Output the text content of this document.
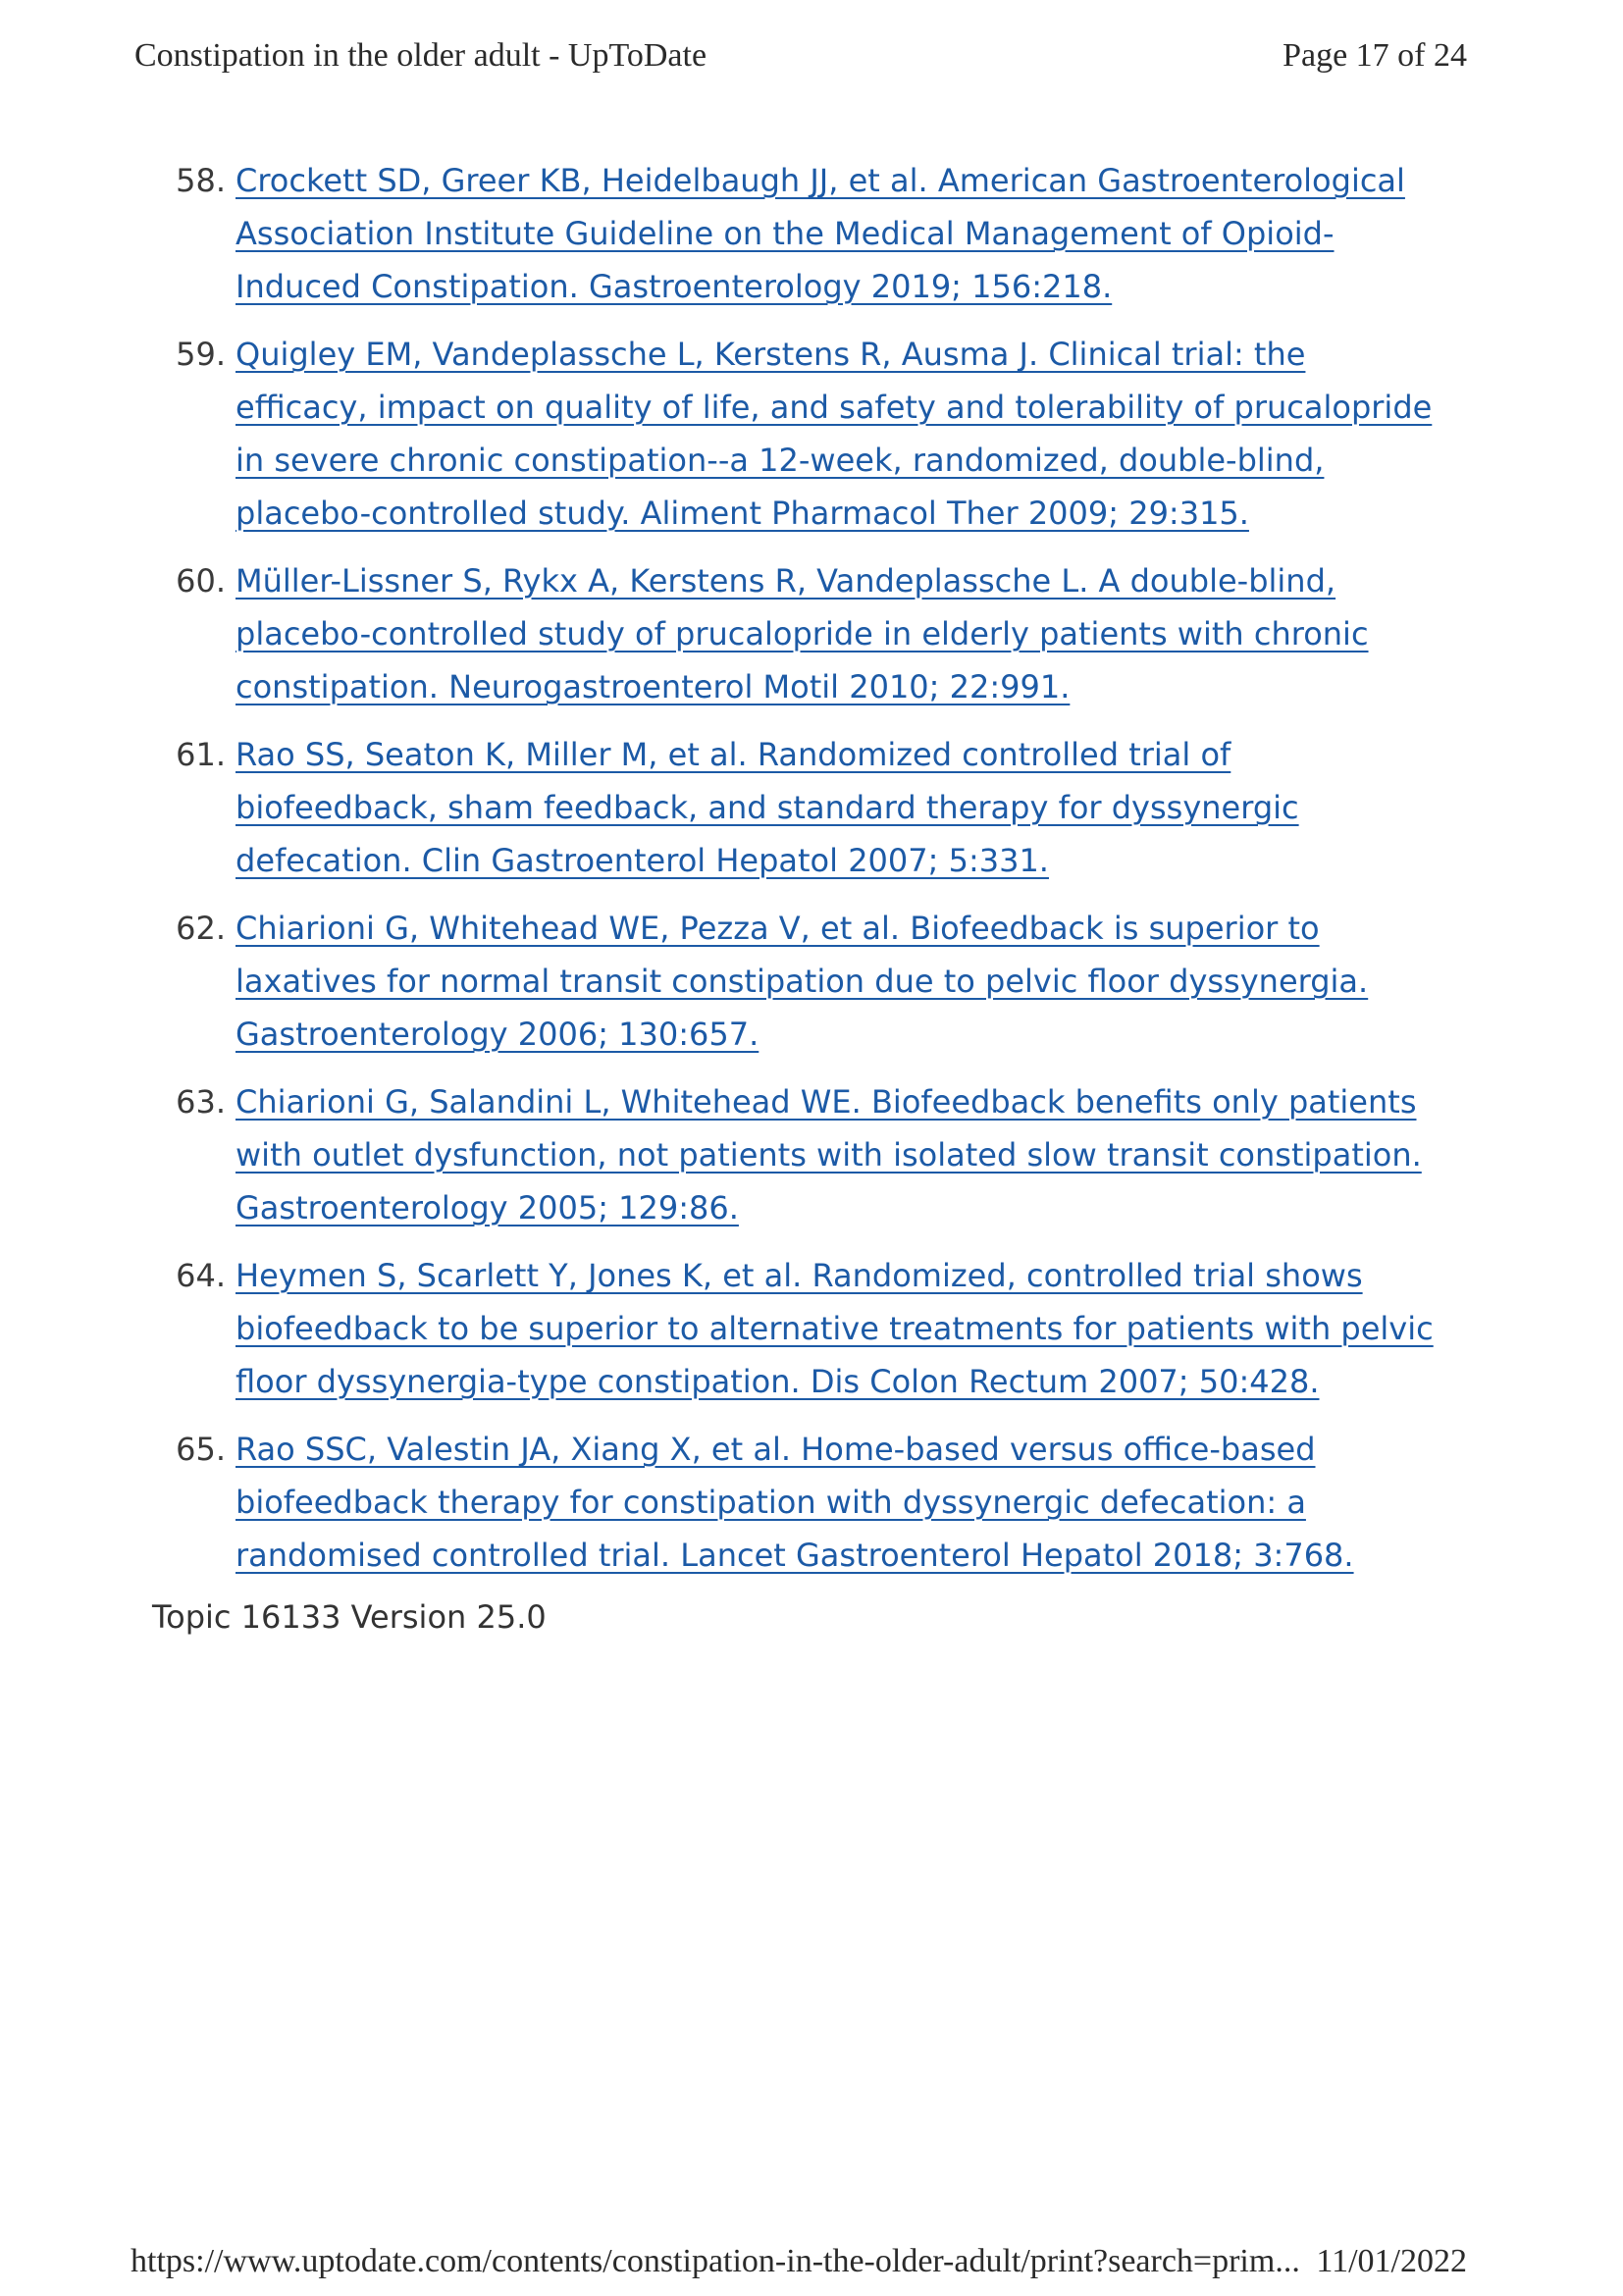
Constipation in the older adult - UpToDate	Page 17 of 24
58. Crockett SD, Greer KB, Heidelbaugh JJ, et al. American Gastroenterological Association Institute Guideline on the Medical Management of Opioid-Induced Constipation. Gastroenterology 2019; 156:218.
59. Quigley EM, Vandeplassche L, Kerstens R, Ausma J. Clinical trial: the efficacy, impact on quality of life, and safety and tolerability of prucalopride in severe chronic constipation--a 12-week, randomized, double-blind, placebo-controlled study. Aliment Pharmacol Ther 2009; 29:315.
60. Müller-Lissner S, Rykx A, Kerstens R, Vandeplassche L. A double-blind, placebo-controlled study of prucalopride in elderly patients with chronic constipation. Neurogastroenterol Motil 2010; 22:991.
61. Rao SS, Seaton K, Miller M, et al. Randomized controlled trial of biofeedback, sham feedback, and standard therapy for dyssynergic defecation. Clin Gastroenterol Hepatol 2007; 5:331.
62. Chiarioni G, Whitehead WE, Pezza V, et al. Biofeedback is superior to laxatives for normal transit constipation due to pelvic floor dyssynergia. Gastroenterology 2006; 130:657.
63. Chiarioni G, Salandini L, Whitehead WE. Biofeedback benefits only patients with outlet dysfunction, not patients with isolated slow transit constipation. Gastroenterology 2005; 129:86.
64. Heymen S, Scarlett Y, Jones K, et al. Randomized, controlled trial shows biofeedback to be superior to alternative treatments for patients with pelvic floor dyssynergia-type constipation. Dis Colon Rectum 2007; 50:428.
65. Rao SSC, Valestin JA, Xiang X, et al. Home-based versus office-based biofeedback therapy for constipation with dyssynergic defecation: a randomised controlled trial. Lancet Gastroenterol Hepatol 2018; 3:768.
Topic 16133 Version 25.0
https://www.uptodate.com/contents/constipation-in-the-older-adult/print?search=prim... 11/01/2022
